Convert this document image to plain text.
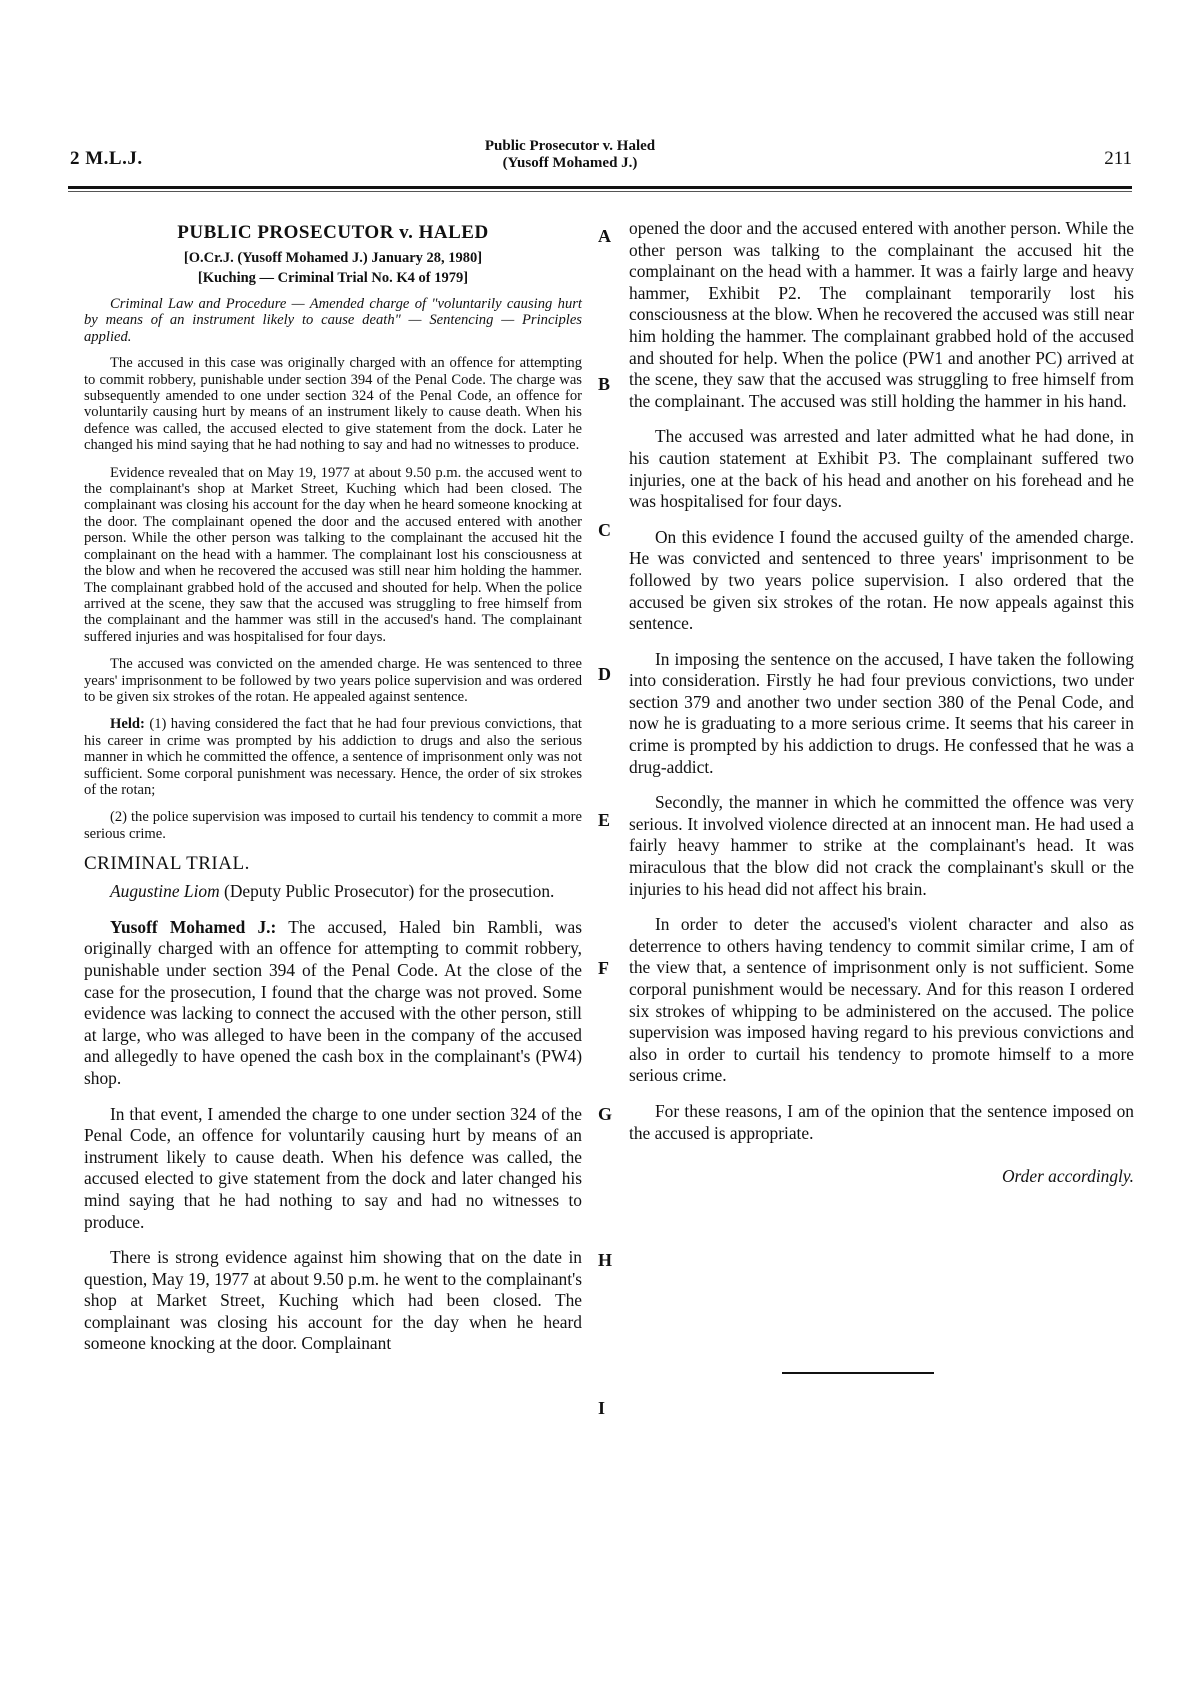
2 M.L.J.
Public Prosecutor v. Haled
(Yusoff Mohamed J.)	211
A
B
C
D
E
F
G
H
I
PUBLIC PROSECUTOR v. HALED
[O.Cr.J. (Yusoff Mohamed J.) January 28, 1980]
[Kuching — Criminal Trial No. K4 of 1979]

Criminal Law and Procedure — Amended charge of "voluntarily causing hurt by means of an instrument likely to cause death" — Sentencing — Principles applied.

The accused in this case was originally charged with an offence for attempting to commit robbery, punishable under section 394 of the Penal Code. The charge was subsequently amended to one under section 324 of the Penal Code, an offence for voluntarily causing hurt by means of an instrument likely to cause death. When his defence was called, the accused elected to give statement from the dock. Later he changed his mind saying that he had nothing to say and had no witnesses to produce.

Evidence revealed that on May 19, 1977 at about 9.50 p.m. the accused went to the complainant's shop at Market Street, Kuching which had been closed. The complainant was closing his account for the day when he heard someone knocking at the door. The complainant opened the door and the accused entered with another person. While the other person was talking to the complainant the accused hit the complainant on the head with a hammer. The complainant lost his consciousness at the blow and when he recovered the accused was still near him holding the hammer. The complainant grabbed hold of the accused and shouted for help. When the police arrived at the scene, they saw that the accused was struggling to free himself from the complainant and the hammer was still in the accused's hand. The complainant suffered injuries and was hospitalised for four days.

The accused was convicted on the amended charge. He was sentenced to three years' imprisonment to be followed by two years police supervision and was ordered to be given six strokes of the rotan. He appealed against sentence.

Held: (1) having considered the fact that he had four previous convictions, that his career in crime was prompted by his addiction to drugs and also the serious manner in which he committed the offence, a sentence of imprisonment only was not sufficient. Some corporal punishment was necessary. Hence, the order of six strokes of the rotan;

(2) the police supervision was imposed to curtail his tendency to commit a more serious crime.

CRIMINAL TRIAL.

Augustine Liom (Deputy Public Prosecutor) for the prosecution.

Yusoff Mohamed J.: The accused, Haled bin Rambli, was originally charged with an offence for attempting to commit robbery, punishable under section 394 of the Penal Code. At the close of the case for the prosecution, I found that the charge was not proved. Some evidence was lacking to connect the accused with the other person, still at large, who was alleged to have been in the company of the accused and allegedly to have opened the cash box in the complainant's (PW4) shop.

In that event, I amended the charge to one under section 324 of the Penal Code, an offence for voluntarily causing hurt by means of an instrument likely to cause death. When his defence was called, the accused elected to give statement from the dock and later changed his mind saying that he had nothing to say and had no witnesses to produce.

There is strong evidence against him showing that on the date in question, May 19, 1977 at about 9.50 p.m. he went to the complainant's shop at Market Street, Kuching which had been closed. The complainant was closing his account for the day when he heard someone knocking at the door. Complainant

opened the door and the accused entered with another person. While the other person was talking to the complainant the accused hit the complainant on the head with a hammer. It was a fairly large and heavy hammer, Exhibit P2. The complainant temporarily lost his consciousness at the blow. When he recovered the accused was still near him holding the hammer. The complainant grabbed hold of the accused and shouted for help. When the police (PW1 and another PC) arrived at the scene, they saw that the accused was struggling to free himself from the complainant. The accused was still holding the hammer in his hand.

The accused was arrested and later admitted what he had done, in his caution statement at Exhibit P3. The complainant suffered two injuries, one at the back of his head and another on his forehead and he was hospitalised for four days.

On this evidence I found the accused guilty of the amended charge. He was convicted and sentenced to three years' imprisonment to be followed by two years police supervision. I also ordered that the accused be given six strokes of the rotan. He now appeals against this sentence.

In imposing the sentence on the accused, I have taken the following into consideration. Firstly he had four previous convictions, two under section 379 and another two under section 380 of the Penal Code, and now he is graduating to a more serious crime. It seems that his career in crime is prompted by his addiction to drugs. He confessed that he was a drug-addict.

Secondly, the manner in which he committed the offence was very serious. It involved violence directed at an innocent man. He had used a fairly heavy hammer to strike at the complainant's head. It was miraculous that the blow did not crack the complainant's skull or the injuries to his head did not affect his brain.

In order to deter the accused's violent character and also as deterrence to others having tendency to commit similar crime, I am of the view that, a sentence of imprisonment only is not sufficient. Some corporal punishment would be necessary. And for this reason I ordered six strokes of whipping to be administered on the accused. The police supervision was imposed having regard to his previous convictions and also in order to curtail his tendency to promote himself to a more serious crime.

For these reasons, I am of the opinion that the sentence imposed on the accused is appropriate.

Order accordingly.
